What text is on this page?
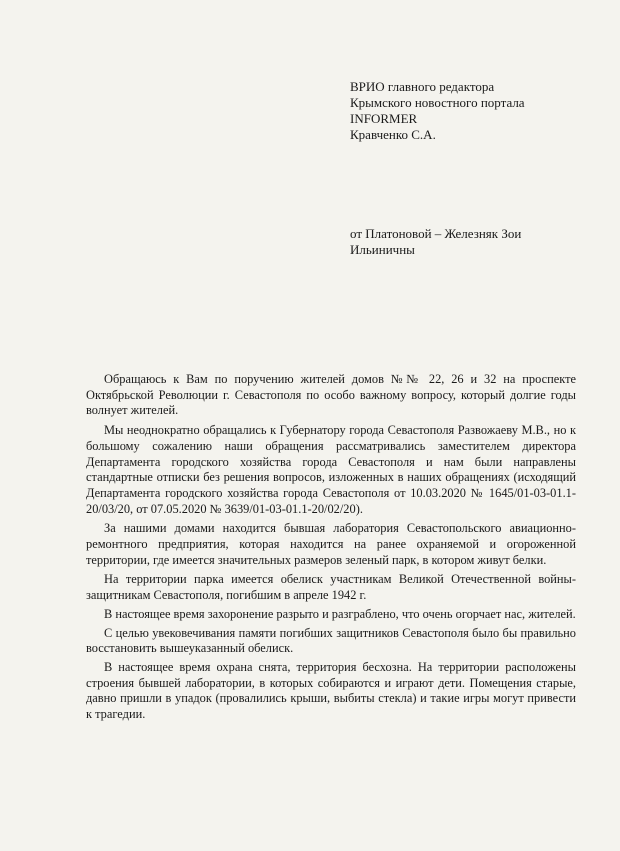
ВРИО главного редактора
Крымского новостного портала
INFORMER
Кравченко С.А.
от Платоновой – Железняк Зои
Ильиничны

Обращаюсь к Вам по поручению жителей домов №№ 22, 26 и 32 на проспекте Октябрьской Революции г. Севастополя по особо важному вопросу, который долгие годы волнует жителей.

Мы неоднократно обращались к Губернатору города Севастополя Развожаеву М.В., но к большому сожалению наши обращения рассматривались заместителем директора Департамента городского хозяйства города Севастополя и нам были направлены стандартные отписки без решения вопросов, изложенных в наших обращениях (исходящий Департамента городского хозяйства города Севастополя от 10.03.2020 № 1645/01-03-01.1-20/03/20, от 07.05.2020 № 3639/01-03-01.1-20/02/20).

За нашими домами находится бывшая лаборатория Севастопольского авиационно-ремонтного предприятия, которая находится на ранее охраняемой и огороженной территории, где имеется значительных размеров зеленый парк, в котором живут белки.

На территории парка имеется обелиск участникам Великой Отечественной войны-защитникам Севастополя, погибшим в апреле 1942 г.

В настоящее время захоронение разрыто и разграблено, что очень огорчает нас, жителей.

С целью увековечивания памяти погибших защитников Севастополя было бы правильно восстановить вышеуказанный обелиск.

В настоящее время охрана снята, территория бесхозна. На территории расположены строения бывшей лаборатории, в которых собираются и играют дети. Помещения старые, давно пришли в упадок (провалились крыши, выбиты стекла) и такие игры могут привести к трагедии.
